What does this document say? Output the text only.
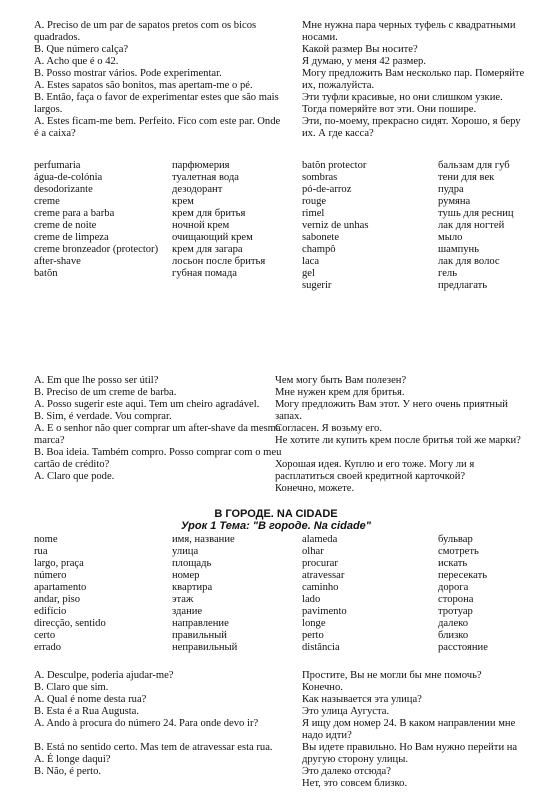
A. Preciso de um par de sapatos pretos com os bicos quadrados.

B. Que número calça?

A. Acho que é o 42.

B. Posso mostrar vários. Pode experimentar.

A. Estes sapatos são bonitos, mas apertam-me o pé.

B. Então, faça o favor de experimentar estes que são mais largos.

A. Estes ficam-me bem. Perfeito. Fico com este par. Onde é a caixa?

Мне нужна пара черных туфель с квадратными носами.

Какой размер Вы носите?

Я думаю, у меня 42 размер.

Могу предложить Вам несколько пар. Померяйте их, пожалуйста.

Эти туфли красивые, но они слишком узкие.

Тогда померяйте вот эти. Они пошире.

Эти, по-моему, прекрасно сидят. Хорошо, я беру их. А где касса?

perfumaria	парфюмерия
água-de-colónia	туалетная вода
desodorizante	дезодорант
creme	крем
creme para a barba	крем для бритья
creme de noite	ночной крем
creme de limpeza	очищающий крем
creme bronzeador (protector) крем для загара
after-shave	лосьон после бритья
batõn	губная помада
batõn protector	бальзам для губ
sombras	тени для век
pó-de-arroz	пудра
rouge	румяна
rimel	тушь для ресниц
verniz de unhas	лак для ногтей
sabonete	мыло
champô	шампунь
laca	лак для волос
gel	гель
sugerir	предлагать

A. Em que lhe posso ser útil?

B. Preciso de um creme de barba.

A. Posso sugerir este aqui. Tem um cheiro agradável.

B. Sim, é verdade. Vou comprar.

A. E o senhor não quer comprar um after-shave da mesma marca?

B. Boa ideia. Também compro. Posso comprar com o meu cartão de crédito?

A. Claro que pode.

Чем могу быть Вам полезен?

Мне нужен крем для бритья.

Могу предложить Вам этот. У него очень приятный запах.

Согласен. Я возьму его.

Не хотите ли купить крем после бритья той же марки?

Хорошая идея. Куплю и его тоже. Могу ли я расплатиться своей кредитной карточкой?

Конечно, можете.

В ГОРОДЕ. NA CIDADE
Урок 1 Тема: "В городе. Na cidade"
nome	имя, название
rua	улица
largo, praça	площадь
número	номер
apartamento	квартира
andar, piso	этаж
edifício	здание
direcção, sentido	направление
certo	правильный
errado	неправильный
alameda	бульвар
olhar	смотреть
procurar	искать
atravessar	пересекать
caminho	дорога
lado	сторона
pavimento	тротуар
longe	далеко
perto	близко
distância	расстояние

A. Desculpe, poderia ajudar-me?

B. Claro que sim.

A. Qual é nome desta rua?

B. Esta é a Rua Augusta.

A. Ando à procura do número 24. Para onde devo ir?

B. Está no sentido certo. Mas tem de atravessar esta rua.

A. É longe daqui?

B. Não, é perto.

Простите, Вы не могли бы мне помочь?

Конечно.

Как называется эта улица?

Это улица Аугуста.

Я ищу дом номер 24. В каком направлении мне надо идти?

Вы идете правильно. Но Вам нужно перейти на другую сторону улицы.

Это далеко отсюда?

Нет, это совсем близко.
